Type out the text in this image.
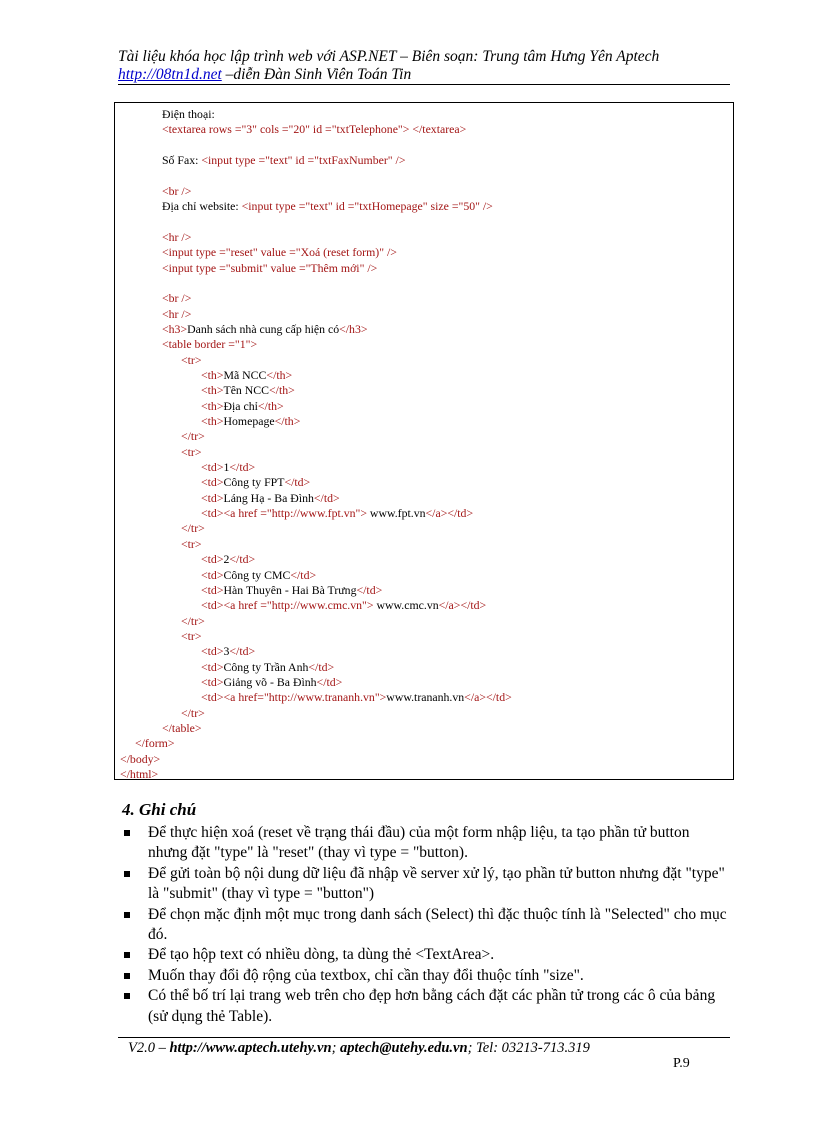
Tài liệu khóa học lập trình web với ASP.NET – Biên soạn: Trung tâm Hưng Yên Aptech
http://08tn1d.net –diễn Đàn Sinh Viên Toán Tin
Điện thoại:
<textarea rows ="3" cols ="20" id ="txtTelephone"> </textarea>
Số Fax: <input type ="text" id ="txtFaxNumber" />
<br />
Địa chỉ website: <input type ="text" id ="txtHomepage" size ="50" />
<hr />
<input type ="reset" value ="Xoá (reset form)" />
<input type ="submit" value ="Thêm mới" />
<br />
<hr />
<h3>Danh sách nhà cung cấp hiện có</h3>
<table border ="1">
<tr>
<th>Mã NCC</th>
<th>Tên NCC</th>
<th>Địa chỉ</th>
<th>Homepage</th>
</tr>
<tr>
<td>1</td>
<td>Công ty FPT</td>
<td>Láng Hạ - Ba Đình</td>
<td><a href ="http://www.fpt.vn"> www.fpt.vn</a></td>
</tr>
<tr>
<td>2</td>
<td>Công ty CMC</td>
<td>Hàn Thuyên - Hai Bà Trưng</td>
<td><a href ="http://www.cmc.vn"> www.cmc.vn</a></td>
</tr>
<tr>
<td>3</td>
<td>Công ty Trần Anh</td>
<td>Giảng võ - Ba Đình</td>
<td><a href="http://www.trananh.vn">www.trananh.vn</a></td>
</tr>
</table>
</form>
</body>
</html>
4. Ghi chú
Để thực hiện xoá (reset về trạng thái đầu) của một form nhập liệu, ta tạo phần tử button nhưng đặt "type" là "reset" (thay vì type = "button).
Để gửi toàn bộ nội dung dữ liệu đã nhập về server xử lý, tạo phần tử button nhưng đặt "type" là "submit" (thay vì type = "button")
Để chọn mặc định một mục trong danh sách (Select) thì đặc thuộc tính là "Selected" cho mục đó.
Để tạo hộp text có nhiều dòng, ta dùng thẻ <TextArea>.
Muốn thay đổi độ rộng của textbox, chỉ cần thay đổi thuộc tính "size".
Có thể bố trí lại trang web trên cho đẹp hơn bằng cách đặt các phần tử trong các ô của bảng (sử dụng thẻ Table).
V2.0 – http://www.aptech.utehy.vn; aptech@utehy.edu.vn; Tel: 03213-713.319
P.9
